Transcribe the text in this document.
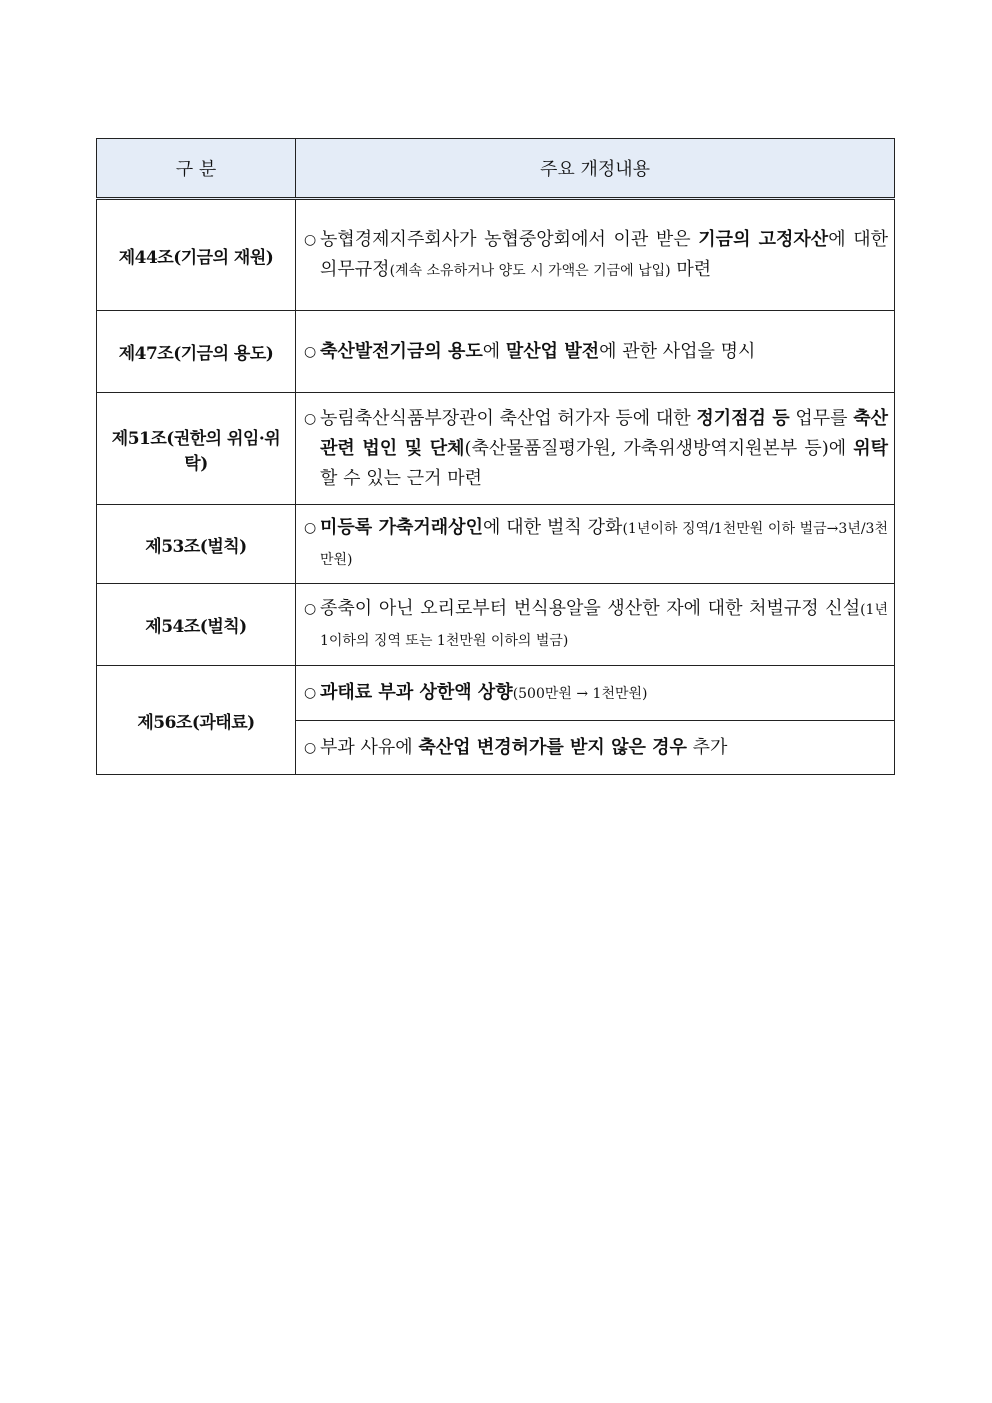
구 분	주요 개정내용
제44조(기금의 재원)	○ 농협경제지주회사가 농협중앙회에서 이관 받은 기금의 고정자산에 대한 의무규정(계속 소유하거나 양도 시 가액은 기금에 납입) 마련

제47조(기금의 용도)	○ 축산발전기금의 용도에 말산업 발전에 관한 사업을 명시

제51조(권한의 위임·위탁)	○ 농림축산식품부장관이 축산업 허가자 등에 대한 정기점검 등 업무를 축산 관련 법인 및 단체(축산물품질평가원, 가축위생방역지원본부 등)에 위탁할 수 있는 근거 마련

제53조(벌칙)	○ 미등록 가축거래상인에 대한 벌칙 강화(1년이하 징역/1천만원 이하 벌금→3년/3천만원)

제54조(벌칙)	○ 종축이 아닌 오리로부터 번식용알을 생산한 자에 대한 처벌규정 신설(1년 1이하의 징역 또는 1천만원 이하의 벌금)

제56조(과태료)	○ 과태료 부과 상한액 상향(500만원 → 1천만원)

	○ 부과 사유에 축산업 변경허가를 받지 않은 경우 추가
